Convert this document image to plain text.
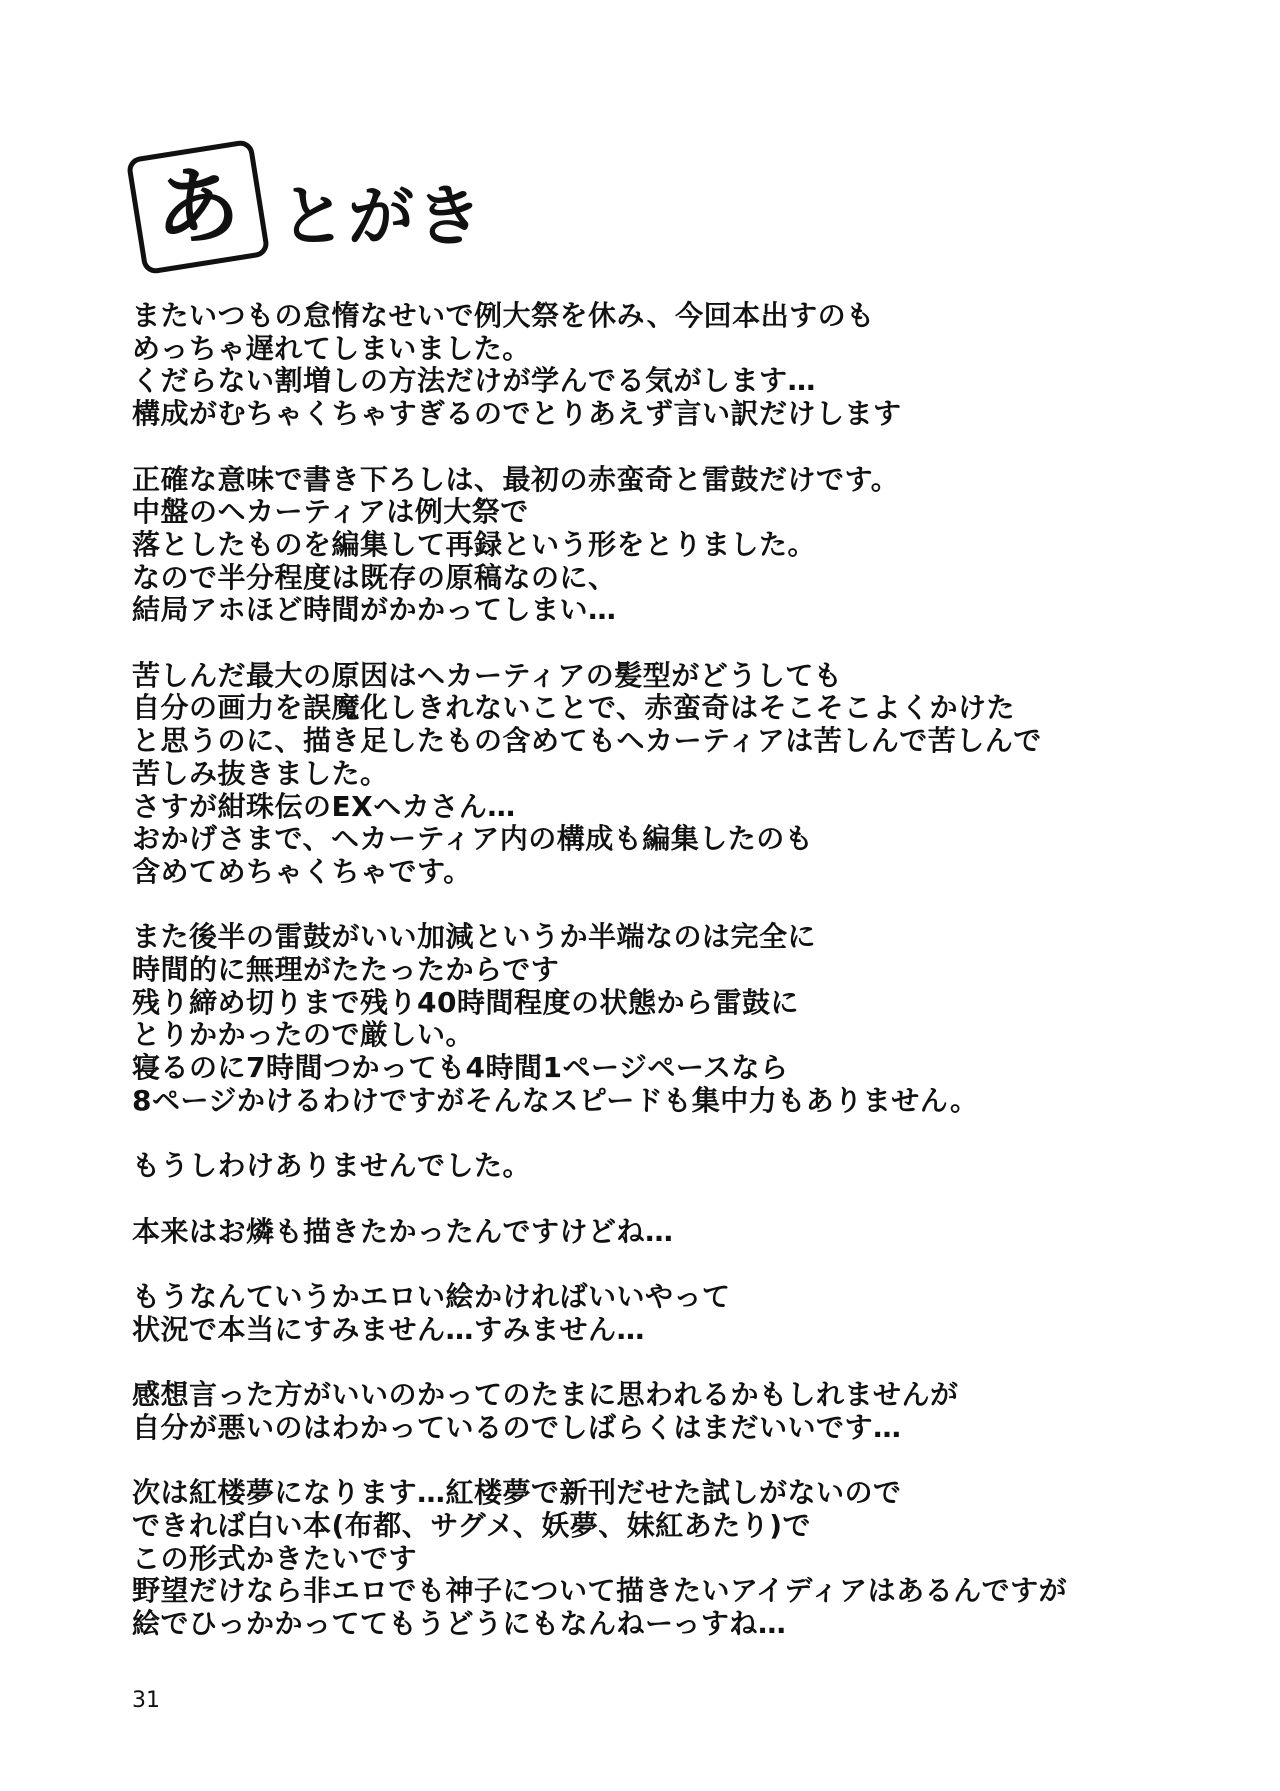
あ とがき
またいつもの怠惰なせいで例大祭を休み、今回本出すのも
めっちゃ遅れてしまいました。
くだらない割増しの方法だけが学んでる気がします…
構成がむちゃくちゃすぎるのでとりあえず言い訳だけします
正確な意味で書き下ろしは、最初の赤蛮奇と雷鼓だけです。
中盤のヘカーティアは例大祭で
落としたものを編集して再録という形をとりました。
なので半分程度は既存の原稿なのに、
結局アホほど時間がかかってしまい…
苦しんだ最大の原因はヘカーティアの髪型がどうしても
自分の画力を誤魔化しきれないことで、赤蛮奇はそこそこよくかけた
と思うのに、描き足したもの含めてもヘカーティアは苦しんで苦しんで
苦しみ抜きました。
さすが紺珠伝のEXヘカさん…
おかげさまで、ヘカーティア内の構成も編集したのも
含めてめちゃくちゃです。
また後半の雷鼓がいい加減というか半端なのは完全に
時間的に無理がたたったからです
残り締め切りまで残り40時間程度の状態から雷鼓に
とりかかったので厳しい。
寝るのに7時間つかっても4時間1ページペースなら
8ページかけるわけですがそんなスピードも集中力もありません。
もうしわけありませんでした。
本来はお燐も描きたかったんですけどね…
もうなんていうかエロい絵かければいいやって
状況で本当にすみません…すみません…
感想言った方がいいのかってのたまに思われるかもしれませんが
自分が悪いのはわかっているのでしばらくはまだいいです…
次は紅楼夢になります…紅楼夢で新刊だせた試しがないので
できれば白い本(布都、サグメ、妖夢、妹紅あたり)で
この形式かきたいです
野望だけなら非エロでも神子について描きたいアイディアはあるんですが
絵でひっかかっててもうどうにもなんねーっすね…
31
